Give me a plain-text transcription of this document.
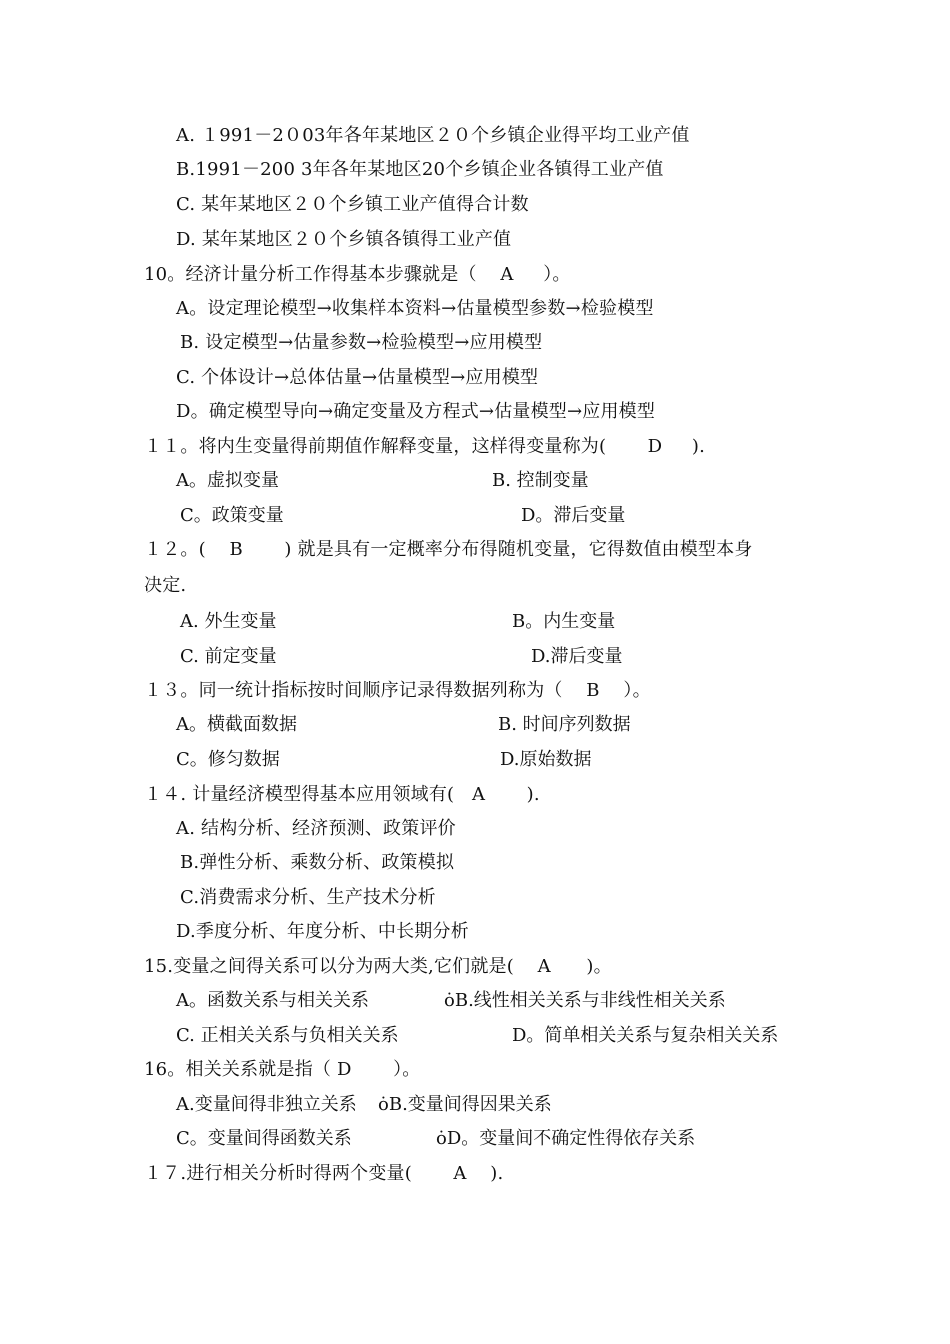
A. １991－2０03年各年某地区２０个乡镇企业得平均工业产值
B.1991－200 3年各年某地区20个乡镇企业各镇得工业产值
C. 某年某地区２０个乡镇工业产值得合计数
D. 某年某地区２０个乡镇各镇得工业产值
10。经济计量分析工作得基本步骤就是（    A     ）。
A。设定理论模型→收集样本资料→估量模型参数→检验模型
B. 设定模型→估量参数→检验模型→应用模型
C. 个体设计→总体估量→估量模型→应用模型
D。确定模型导向→确定变量及方程式→估量模型→应用模型
１１。将内生变量得前期值作解释变量，这样得变量称为(       D     ).
A。虚拟变量	B. 控制变量
C。政策变量	D。滞后变量
１２。(    B       ) 就是具有一定概率分布得随机变量，它得数值由模型本身
决定.
A. 外生变量	B。内生变量
C. 前定变量	D.滞后变量
１３。同一统计指标按时间顺序记录得数据列称为（    B    ）。
A。横截面数据	B. 时间序列数据
C。修匀数据	D.原始数据
１４. 计量经济模型得基本应用领域有(   A       ).
A. 结构分析、经济预测、政策评价
B.弹性分析、乘数分析、政策模拟
C.消费需求分析、生产技术分析
D.季度分析、年度分析、中长期分析
15.变量之间得关系可以分为两大类,它们就是(    A      )。
A。函数关系与相关关系	ȯB.线性相关关系与非线性相关关系
C. 正相关关系与负相关关系	D。简单相关关系与复杂相关关系
16。相关关系就是指（ D       ）。
A.变量间得非独立关系 ȯB.变量间得因果关系
C。变量间得函数关系	ȯD。变量间不确定性得依存关系
１７.进行相关分析时得两个变量(       A    ).
